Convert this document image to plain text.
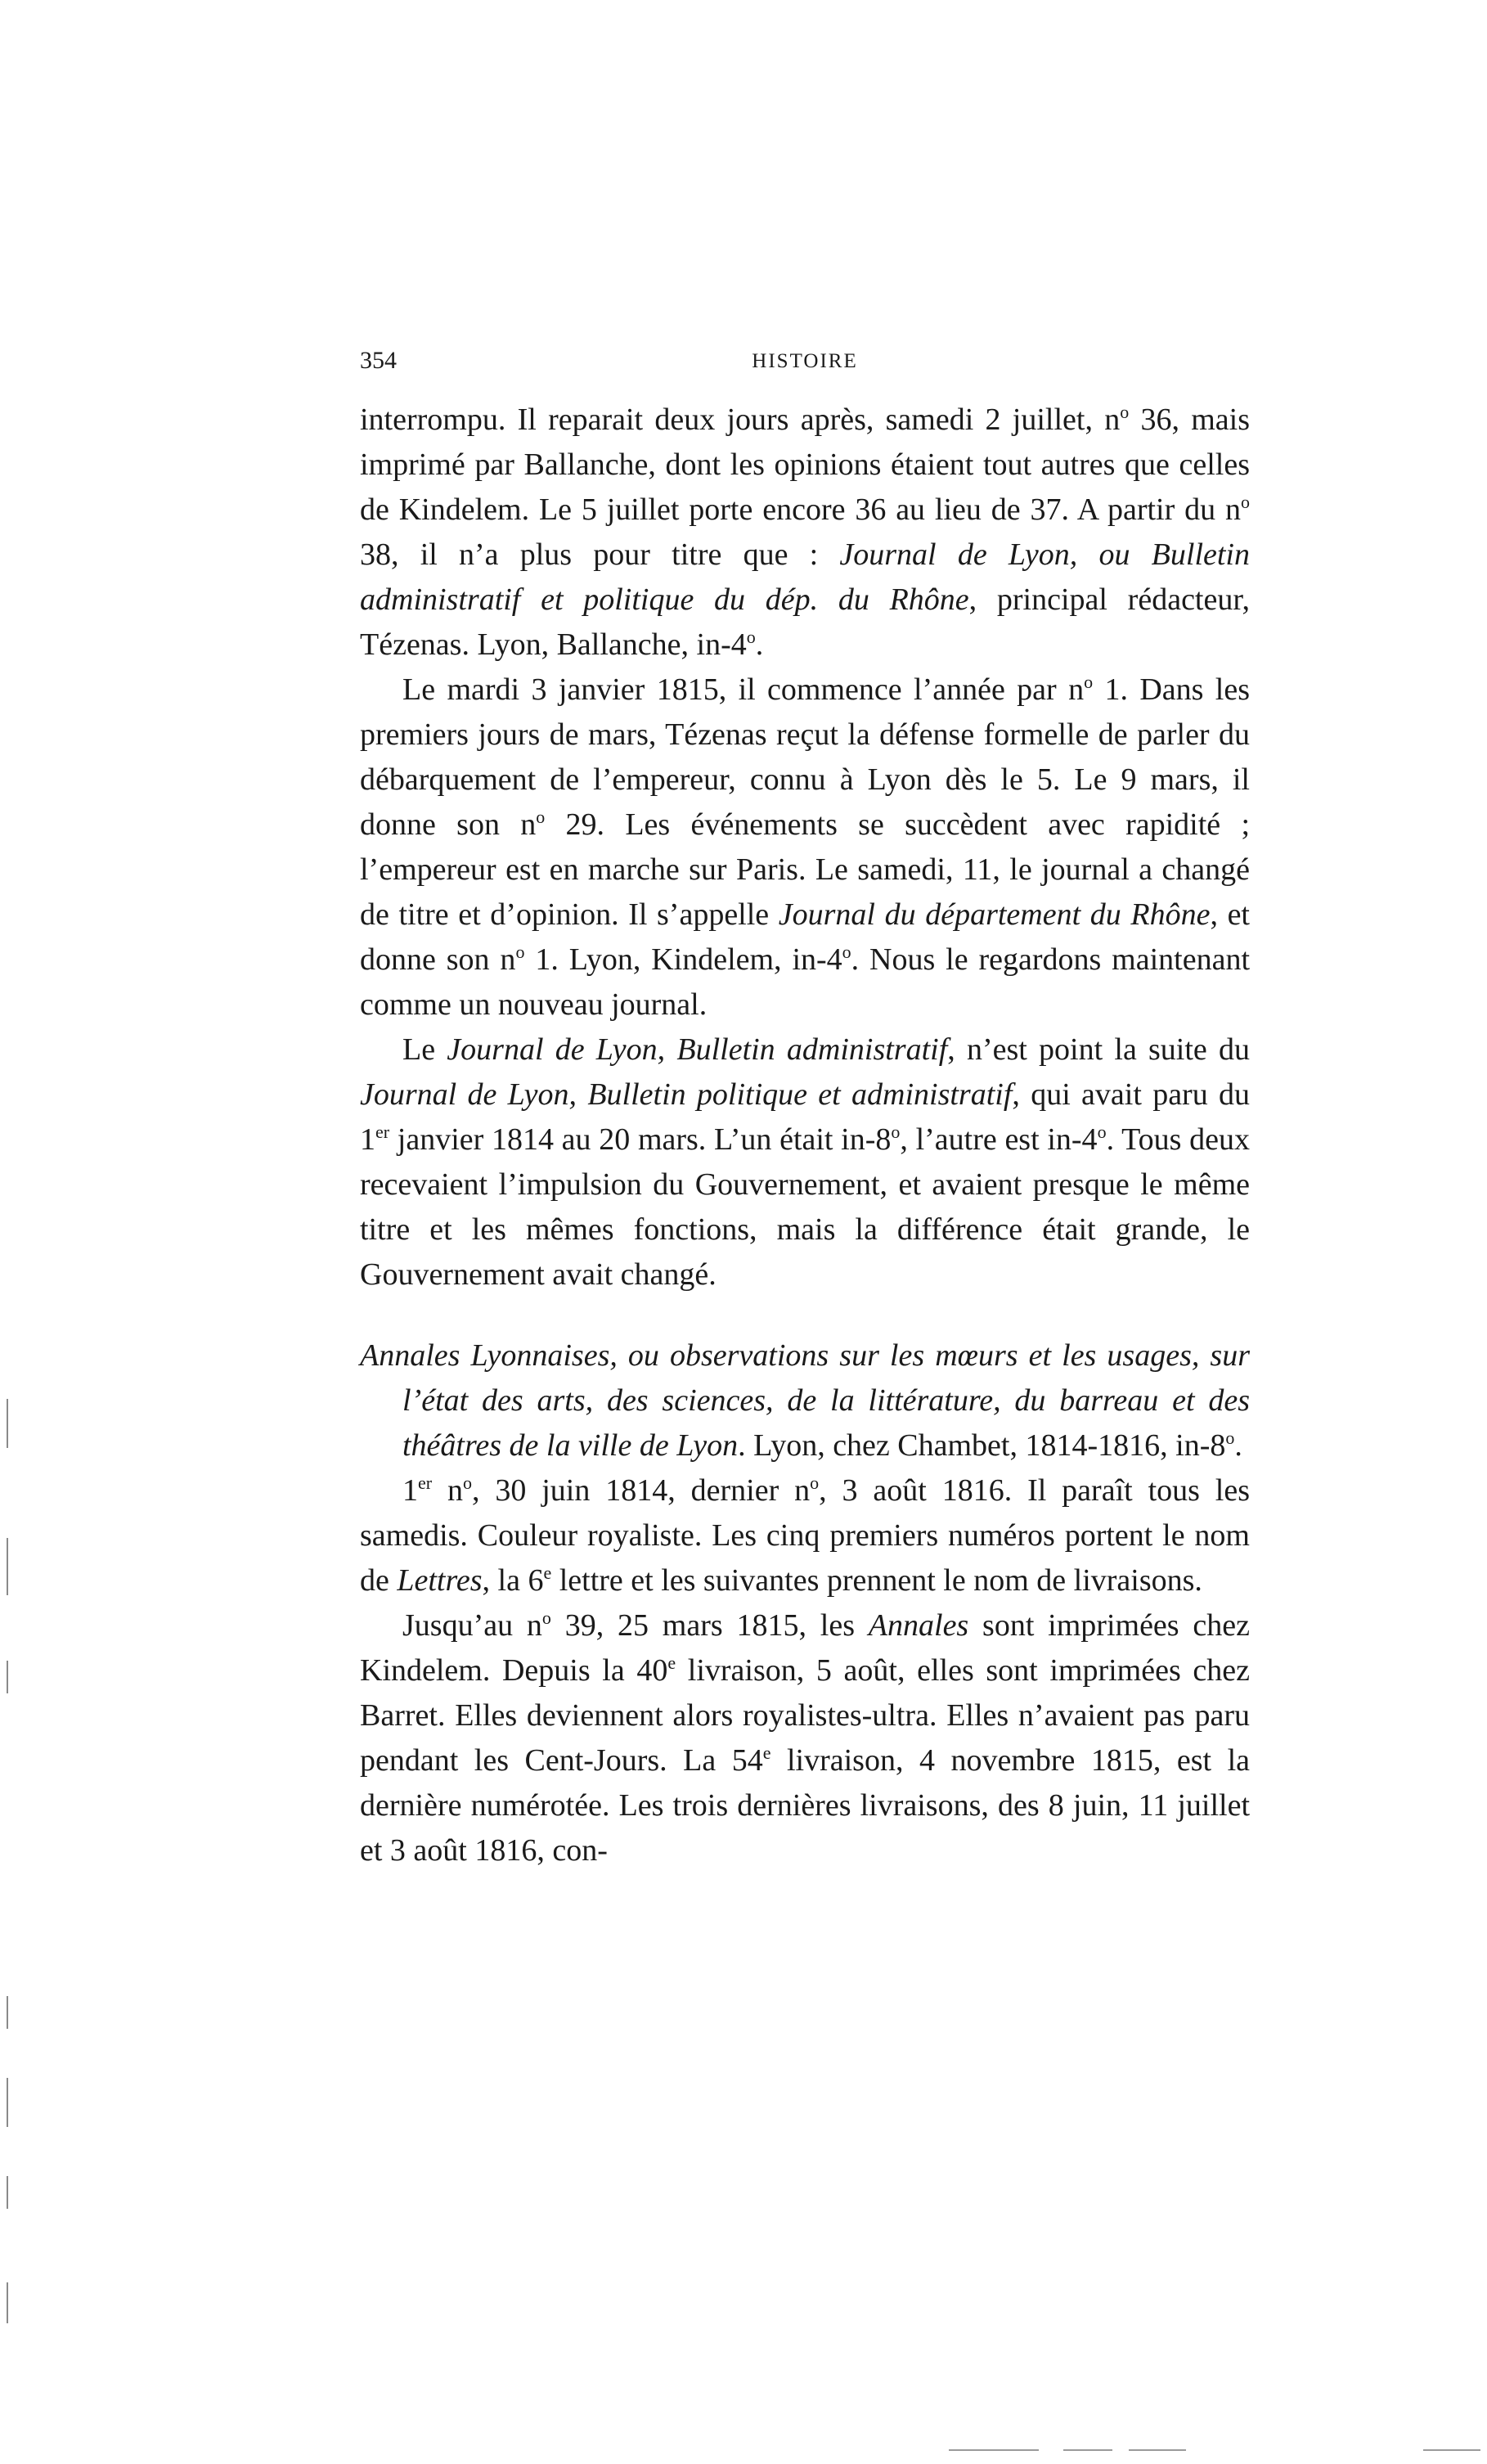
354	HISTOIRE

interrompu. Il reparait deux jours après, samedi 2 juillet, $n^o$ 36, mais imprimé par Ballanche, dont les opinions étaient tout autres que celles de Kindelem. Le 5 juillet porte encore 36 au lieu de 37. A partir du $n^o$ 38, il n’a plus pour titre que : Journal de Lyon, ou Bulletin administratif et politique du dép. du Rhône, principal rédacteur, Tézenas. Lyon, Ballanche, in-4$^o$.

Le mardi 3 janvier 1815, il commence l’année par $n^o$ 1. Dans les premiers jours de mars, Tézenas reçut la défense formelle de parler du débarquement de l’empereur, connu à Lyon dès le 5. Le 9 mars, il donne son $n^o$ 29. Les événements se succèdent avec rapidité ; l’empereur est en marche sur Paris. Le samedi, 11, le journal a changé de titre et d’opinion. Il s’appelle Journal du département du Rhône, et donne son $n^o$ 1. Lyon, Kindelem, in-4$^o$. Nous le regardons maintenant comme un nouveau journal.

Le Journal de Lyon, Bulletin administratif, n’est point la suite du Journal de Lyon, Bulletin politique et administratif, qui avait paru du 1er janvier 1814 au 20 mars. L’un était in-8$^o$, l’autre est in-4$^o$. Tous deux recevaient l’impulsion du Gouvernement, et avaient presque le même titre et les mêmes fonctions, mais la différence était grande, le Gouvernement avait changé.

Annales Lyonnaises, ou observations sur les mœurs et les usages, sur l’état des arts, des sciences, de la littérature, du barreau et des théâtres de la ville de Lyon. Lyon, chez Chambet, 1814-1816, in-8$^o$.

1er $n^o$, 30 juin 1814, dernier $n^o$, 3 août 1816. Il paraît tous les samedis. Couleur royaliste. Les cinq premiers numéros portent le nom de Lettres, la 6e lettre et les suivantes prennent le nom de livraisons.

Jusqu’au $n^o$ 39, 25 mars 1815, les Annales sont imprimées chez Kindelem. Depuis la 40e livraison, 5 août, elles sont imprimées chez Barret. Elles deviennent alors royalistes-ultra. Elles n’avaient pas paru pendant les Cent-Jours. La 54e livraison, 4 novembre 1815, est la dernière numérotée. Les trois dernières livraisons, des 8 juin, 11 juillet et 3 août 1816, con-
